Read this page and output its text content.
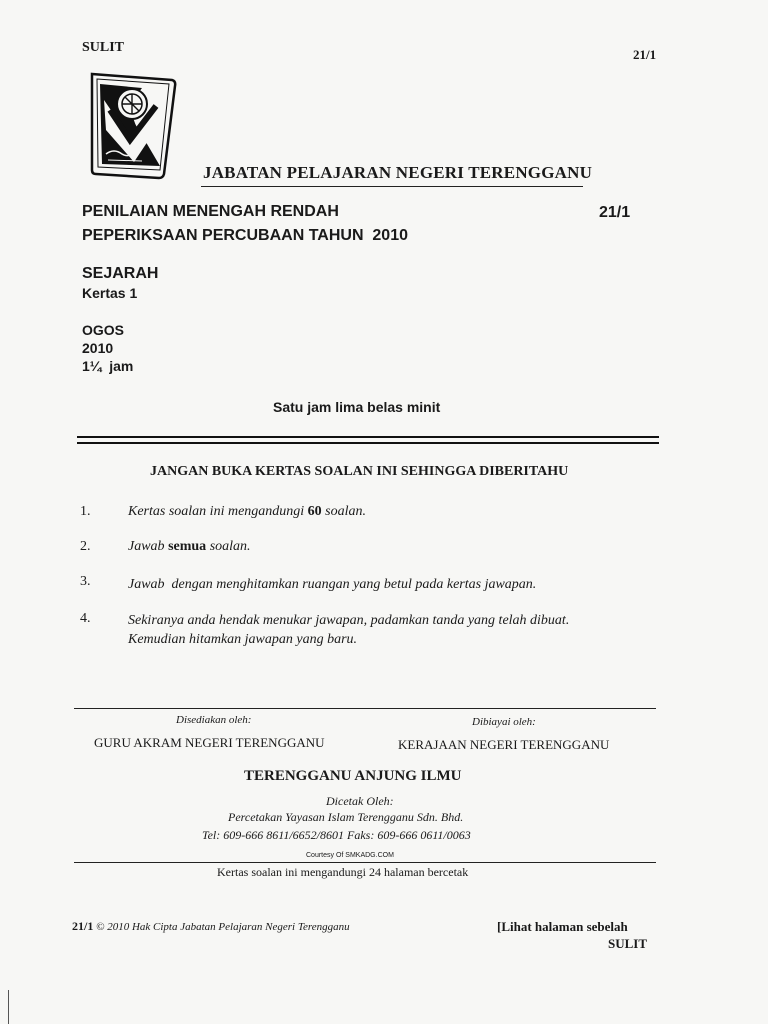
SULIT	21/1
JABATAN PELAJARAN NEGERI TERENGGANU
PENILAIAN MENENGAH RENDAH
PEPERIKSAAN PERCUBAAN TAHUN  2010
21/1
SEJARAH
Kertas 1
OGOS
2010
1¼  jam
Satu jam lima belas minit
JANGAN BUKA KERTAS SOALAN INI SEHINGGA DIBERITAHU
1.	Kertas soalan ini mengandungi 60 soalan.
2.	Jawab semua soalan.
3.	Jawab  dengan menghitamkan ruangan yang betul pada kertas jawapan.
4.	Sekiranya anda hendak menukar jawapan, padamkan tanda yang telah dibuat.
Kemudian hitamkan jawapan yang baru.
Disediakan oleh:	Dibiayai oleh:
GURU AKRAM NEGERI TERENGGANU	KERAJAAN NEGERI TERENGGANU
TERENGGANU ANJUNG ILMU
Dicetak Oleh:
Percetakan Yayasan Islam Terengganu Sdn. Bhd.
Tel: 609-666 8611/6652/8601 Faks: 609-666 0611/0063
Courtesy Of SMKADG.COM
Kertas soalan ini mengandungi 24 halaman bercetak
21/1 © 2010 Hak Cipta Jabatan Pelajaran Negeri Terengganu	[Lihat halaman sebelah
SULIT
